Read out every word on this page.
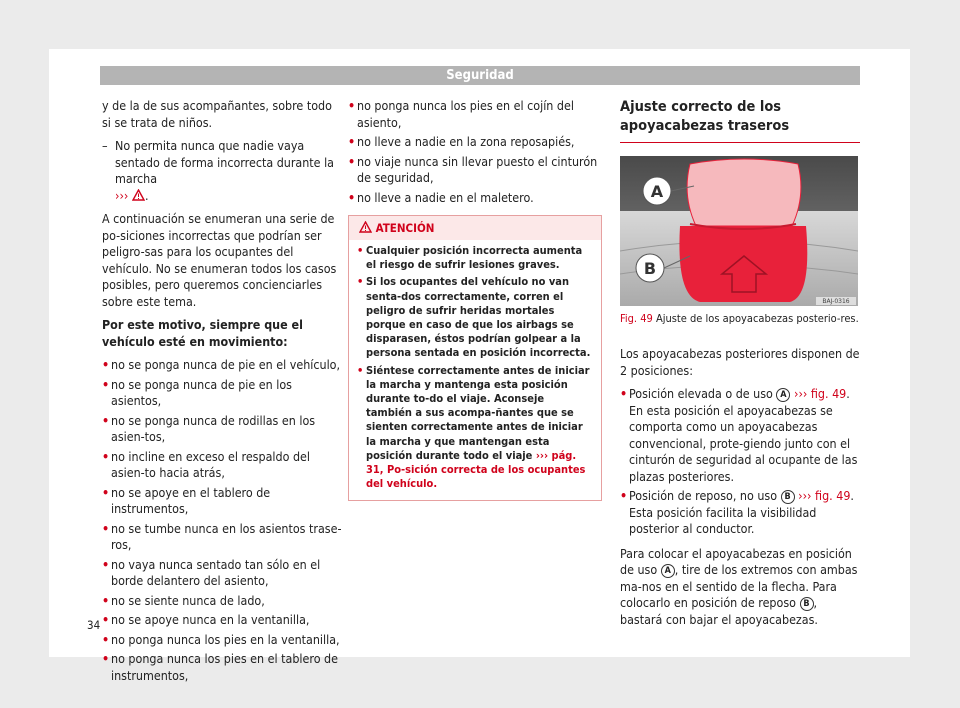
Seguridad

y de la de sus acompañantes, sobre todo si se trata de niños.

– No permita nunca que nadie vaya sentado de forma incorrecta durante la marcha
››› .

A continuación se enumeran una serie de po-siciones incorrectas que podrían ser peligro-sas para los ocupantes del vehículo. No se enumeran todos los casos posibles, pero queremos concienciarles sobre este tema.

Por este motivo, siempre que el vehículo esté en movimiento:

• no se ponga nunca de pie en el vehículo,
• no se ponga nunca de pie en los asientos,
• no se ponga nunca de rodillas en los asien-tos,
• no incline en exceso el respaldo del asien-to hacia atrás,
• no se apoye en el tablero de instrumentos,
• no se tumbe nunca en los asientos trase-ros,
• no vaya nunca sentado tan sólo en el borde delantero del asiento,
• no se siente nunca de lado,
• no se apoye nunca en la ventanilla,
• no ponga nunca los pies en la ventanilla,
• no ponga nunca los pies en el tablero de instrumentos,
• no ponga nunca los pies en el cojín del asiento,
• no lleve a nadie en la zona reposapiés,
• no viaje nunca sin llevar puesto el cinturón de seguridad,
• no lleve a nadie en el maletero.
ATENCIÓN
• Cualquier posición incorrecta aumenta el riesgo de sufrir lesiones graves.
• Si los ocupantes del vehículo no van senta-dos correctamente, corren el peligro de sufrir heridas mortales porque en caso de que los airbags se disparasen, éstos podrían golpear a la persona sentada en posición incorrecta.
• Siéntese correctamente antes de iniciar la marcha y mantenga esta posición durante to-do el viaje. Aconseje también a sus acompa-ñantes que se sienten correctamente antes de iniciar la marcha y que mantengan esta posición durante todo el viaje ››› pág. 31, Po-sición correcta de los ocupantes del vehículo.
Ajuste correcto de los apoyacabezas traseros
A
B
BAJ-0316
Fig. 49 Ajuste de los apoyacabezas posterio-res.

Los apoyacabezas posteriores disponen de 2 posiciones:

• Posición elevada o de uso A ››› fig. 49. En esta posición el apoyacabezas se comporta como un apoyacabezas convencional, prote-giendo junto con el cinturón de seguridad al ocupante de las plazas posteriores.
• Posición de reposo, no uso B ››› fig. 49. Esta posición facilita la visibilidad posterior al conductor.

Para colocar el apoyacabezas en posición de uso A , tire de los extremos con ambas ma-nos en el sentido de la flecha. Para colocarlo en posición de reposo B , bastará con bajar el apoyacabezas.

34
